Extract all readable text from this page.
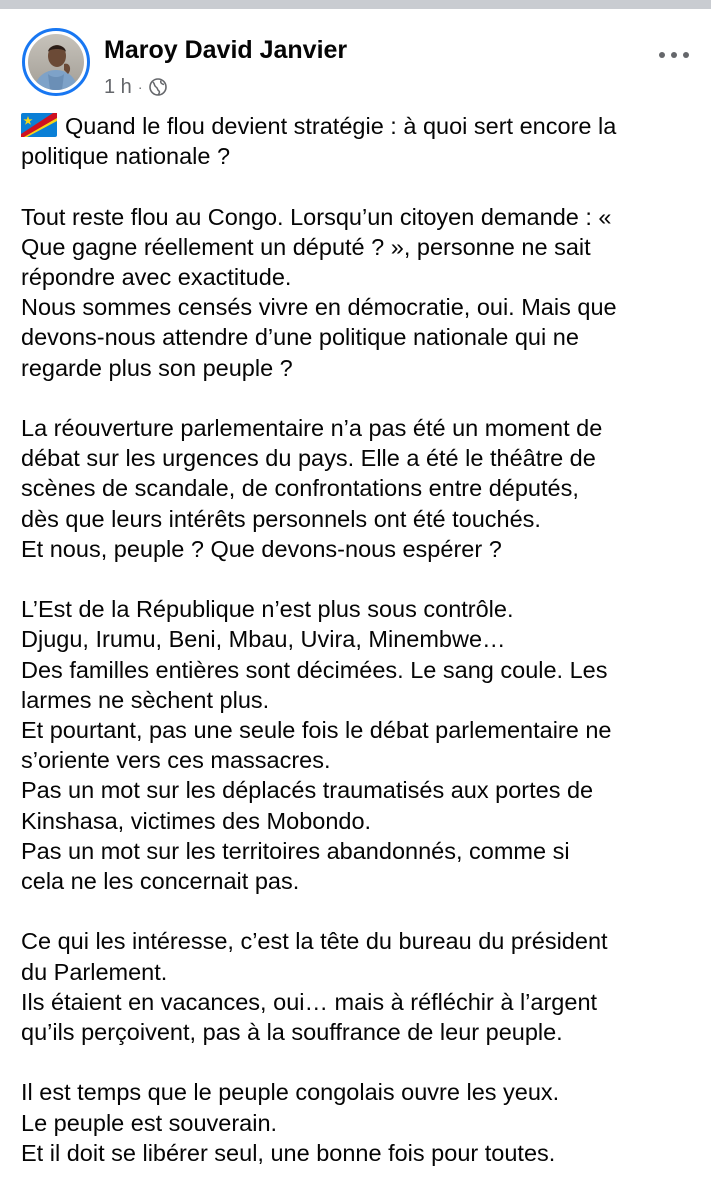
Maroy David Janvier
1 h ·

Quand le flou devient stratégie : à quoi sert encore la
politique nationale ?

Tout reste flou au Congo. Lorsqu’un citoyen demande : «
Que gagne réellement un député ? », personne ne sait
répondre avec exactitude.
Nous sommes censés vivre en démocratie, oui. Mais que
devons-nous attendre d’une politique nationale qui ne
regarde plus son peuple ?

La réouverture parlementaire n’a pas été un moment de
débat sur les urgences du pays. Elle a été le théâtre de
scènes de scandale, de confrontations entre députés,
dès que leurs intérêts personnels ont été touchés.
Et nous, peuple ? Que devons-nous espérer ?

L’Est de la République n’est plus sous contrôle.
Djugu, Irumu, Beni, Mbau, Uvira, Minembwe…
Des familles entières sont décimées. Le sang coule. Les
larmes ne sèchent plus.
Et pourtant, pas une seule fois le débat parlementaire ne
s’oriente vers ces massacres.
Pas un mot sur les déplacés traumatisés aux portes de
Kinshasa, victimes des Mobondo.
Pas un mot sur les territoires abandonnés, comme si
cela ne les concernait pas.

Ce qui les intéresse, c’est la tête du bureau du président
du Parlement.
Ils étaient en vacances, oui… mais à réfléchir à l’argent
qu’ils perçoivent, pas à la souffrance de leur peuple.

Il est temps que le peuple congolais ouvre les yeux.
Le peuple est souverain.
Et il doit se libérer seul, une bonne fois pour toutes.
